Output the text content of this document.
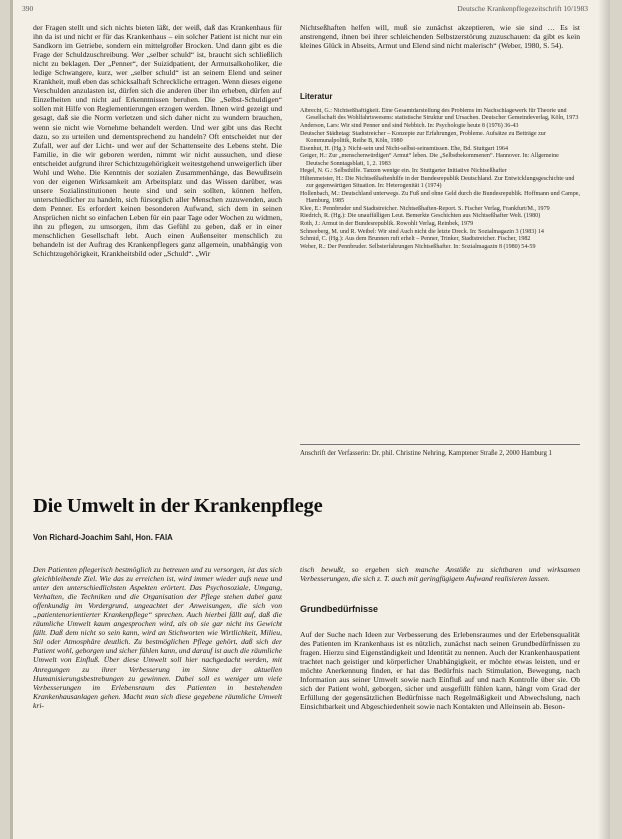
390	Deutsche Krankenpflegezeitschrift 10/1983

der Fragen stellt und sich nichts bieten läßt, der weiß, daß das Krankenhaus für ihn da ist und nicht er für das Krankenhaus – ein solcher Patient ist nicht nur ein Sandkorn im Getriebe, sondern ein mittelgroßer Brocken. Und dann gibt es die Frage der Schuldzuschreibung. Wer „selber schuld“ ist, braucht sich schließlich nicht zu beklagen. Der „Penner“, der Suizidpatient, der Armutsalkoholiker, die ledige Schwangere, kurz, wer „selber schuld“ ist an seinem Elend und seiner Krankheit, muß eben das schicksalhaft Schreckliche ertragen. Wenn dieses eigene Verschulden anzulasten ist, dürfen sich die anderen über ihn erheben, dürfen auf Einzelheiten und nicht auf Erkenntnissen beruhen. Die „Selbst-Schuldigen“ sollen mit Hilfe von Reglementierungen erzogen werden. Ihnen wird gezeigt und gesagt, daß sie die Norm verletzen und sich daher nicht zu wundern brauchen, wenn sie nicht wie Vornehme behandelt werden. Und wer gibt uns das Recht dazu, so zu urteilen und dementsprechend zu handeln? Oft entscheidet nur der Zufall, wer auf der Licht- und wer auf der Schattenseite des Lebens steht. Die Familie, in die wir geboren werden, nimmt wir nicht aussuchen, und diese entscheidet aufgrund ihrer Schichtzugehörigkeit weitestgehend unweigerlich über Wohl und Wehe. Die Kenntnis der sozialen Zusammenhänge, das Bewußtsein von der eigenen Wirksamkeit am Arbeitsplatz und das Wissen darüber, was unsere Sozialinstitutionen heute sind und sein sollten, können helfen, unterschiedlicher zu handeln, sich fürsorglich aller Menschen zuzuwenden, auch dem Penner. Es erfordert keinen besonderen Aufwand, sich dem in seinen Ansprüchen nicht so einfachen Leben für ein paar Tage oder Wochen zu widmen, ihn zu pflegen, zu umsorgen, ihm das Gefühl zu geben, daß er in einer menschlichen Gesellschaft lebt. Auch einen Außenseiter menschlich zu behandeln ist der Auftrag des Krankenpflegers ganz allgemein, unabhängig von Schichtzugehörigkeit, Krankheitsbild oder „Schuld“. „Wir

Nichtseßhaften helfen will, muß sie zunächst akzeptieren, wie sie sind … Es ist anstrengend, ihnen bei ihrer schleichenden Selbstzerstörung zuzuschauen: da gibt es kein kleines Glück in Abseits, Armut und Elend sind nicht malerisch“ (Weber, 1980, S. 54).

Literatur
Albrecht, G.: Nichtseßhaftigkeit. Eine Gesamtdarstellung des Problems im Nachschlagewerk für Theorie und Gesellschaft des Wohlfahrtswesens: statistische Struktur und Ursachen. Deutscher Gemeindeverlag, Köln, 1973
Anderson, Lars: Wir sind Penner und sind Nebbich. In: Psychologie heute 8 (1976) 36-43
Deutscher Städtetag: Stadtstreicher – Konzepte zur Erfahrungen, Probleme. Aufsätze zu Beiträge zur Kommunalpolitik, Reihe B, Köln, 1980
Eisenhut, H. (Hg.): Nicht-sein und Nicht-selbst-seinsmüssen. Ehe, Bd. Stuttgart 1964
Geiger, H.: Zur „menschenwürdigen“ Armut“ leben. Die „Selbstbekommenen“. Hannover. In: Allgemeine Deutsche Sonntagsblatt, 1, 2. 1983
Hegel, N. G.: Selbsthilfe. Tanzen wenige ein. In: Stuttgarter Initiative Nichtseßhafter
Hiltenmeister, H.: Die Nichtseßhaftenhilfe in der Bundesrepublik Deutschland. Zur Entwicklungsgeschichte und zur gegenwärtigen Situation. In: Heterogenität 1 (1974)
Hollenbach, M.: Deutschland unterwegs. Zu Fuß und ohne Geld durch die Bundesrepublik. Hoffmann und Campe, Hamburg, 1985
Klee, E.: Pennbruder und Stadtstreicher. Nichtseßhaften-Report. S. Fischer Verlag, Frankfurt/M., 1979
Riedrich, R. (Hg.): Die unauffälligen Leut. Bemerkte Geschichten aus Nichtseßhafter Welt. (1980)
Roth, J.: Armut in der Bundesrepublik. Rowohlt Verlag, Reinbek, 1979
Schneeberg, M. und R. Weibel: Wir sind Auch nicht die letzte Dreck. In: Sozialmagazin 3 (1983) 14
Schmid, C. (Hg.): Aus dem Brunnen ruft erhelt – Penner, Trinker, Stadtstreicher. Fischer, 1982
Weber, R.: Der Pennbruder. Selbsterfahrungen Nichtseßhafter. In: Sozialmagazin 8 (1980) 54-59
Anschrift der Verfasserin: Dr. phil. Christine Nehring, Kamptener Straße 2, 2000 Hamburg 1
Die Umwelt in der Krankenpflege
Von Richard-Joachim Sahl, Hon. FAIA
Den Patienten pflegerisch bestmöglich zu betreuen und zu versorgen, ist das sich gleichbleibende Ziel. Wie das zu erreichen ist, wird immer wieder aufs neue und unter den unterschiedlichsten Aspekten erörtert. Das Psychosoziale, Umgang, Verhalten, die Techniken und die Organisation der Pflege stehen dabei ganz offenkundig im Vordergrund, ungeachtet der Anweisungen, die sich von „patientenorientierter Krankenpflege“ sprechen. Auch hierbei fällt auf, daß die räumliche Umwelt kaum angesprochen wird, als ob sie gar nicht ins Gewicht fällt. Daß dem nicht so sein kann, wird an Stichworten wie Wirtlichkeit, Milieu, Stil oder Atmosphäre deutlich. Zu bestmöglichen Pflege gehört, daß sich der Patient wohl, geborgen und sicher fühlen kann, und darauf ist auch die räumliche Umwelt von Einfluß. Über diese Umwelt soll hier nachgedacht werden, mit Anregungen zu ihrer Verbesserung im Sinne der aktuellen Humanisierungsbestrebungen zu gewinnen. Dabei soll es weniger um viele Verbesserungen im Erlebensraum des Patienten in bestehenden Krankenhausanlagen gehen. Macht man sich diese gegebene räumliche Umwelt kri-
tisch bewußt, so ergeben sich manche Anstöße zu sichtbaren und wirksamen Verbesserungen, die sich z. T. auch mit geringfügigem Aufwand realisieren lassen.
Grundbedürfnisse
Auf der Suche nach Ideen zur Verbesserung des Erlebensraumes und der Erlebensqualität des Patienten im Krankenhaus ist es nützlich, zunächst nach seinen Grundbedürfnissen zu fragen. Hierzu sind Eigenständigkeit und Identität zu nennen. Auch der Krankenhauspatient trachtet nach geistiger und körperlicher Unabhängigkeit, er möchte etwas leisten, und er möchte Anerkennung finden, er hat das Bedürfnis nach Stimulation, Bewegung, nach Information aus seiner Umwelt sowie nach Einfluß auf und nach Kontrolle über sie. Ob sich der Patient wohl, geborgen, sicher und ausgefüllt fühlen kann, hängt vom Grad der Erfüllung der gegensätzlichen Bedürfnisse nach Regelmäßigkeit und Abwechslung, nach Einsichtbarkeit und Abgeschiedenheit sowie nach Kontakten und Alleinsein ab. Beson-
